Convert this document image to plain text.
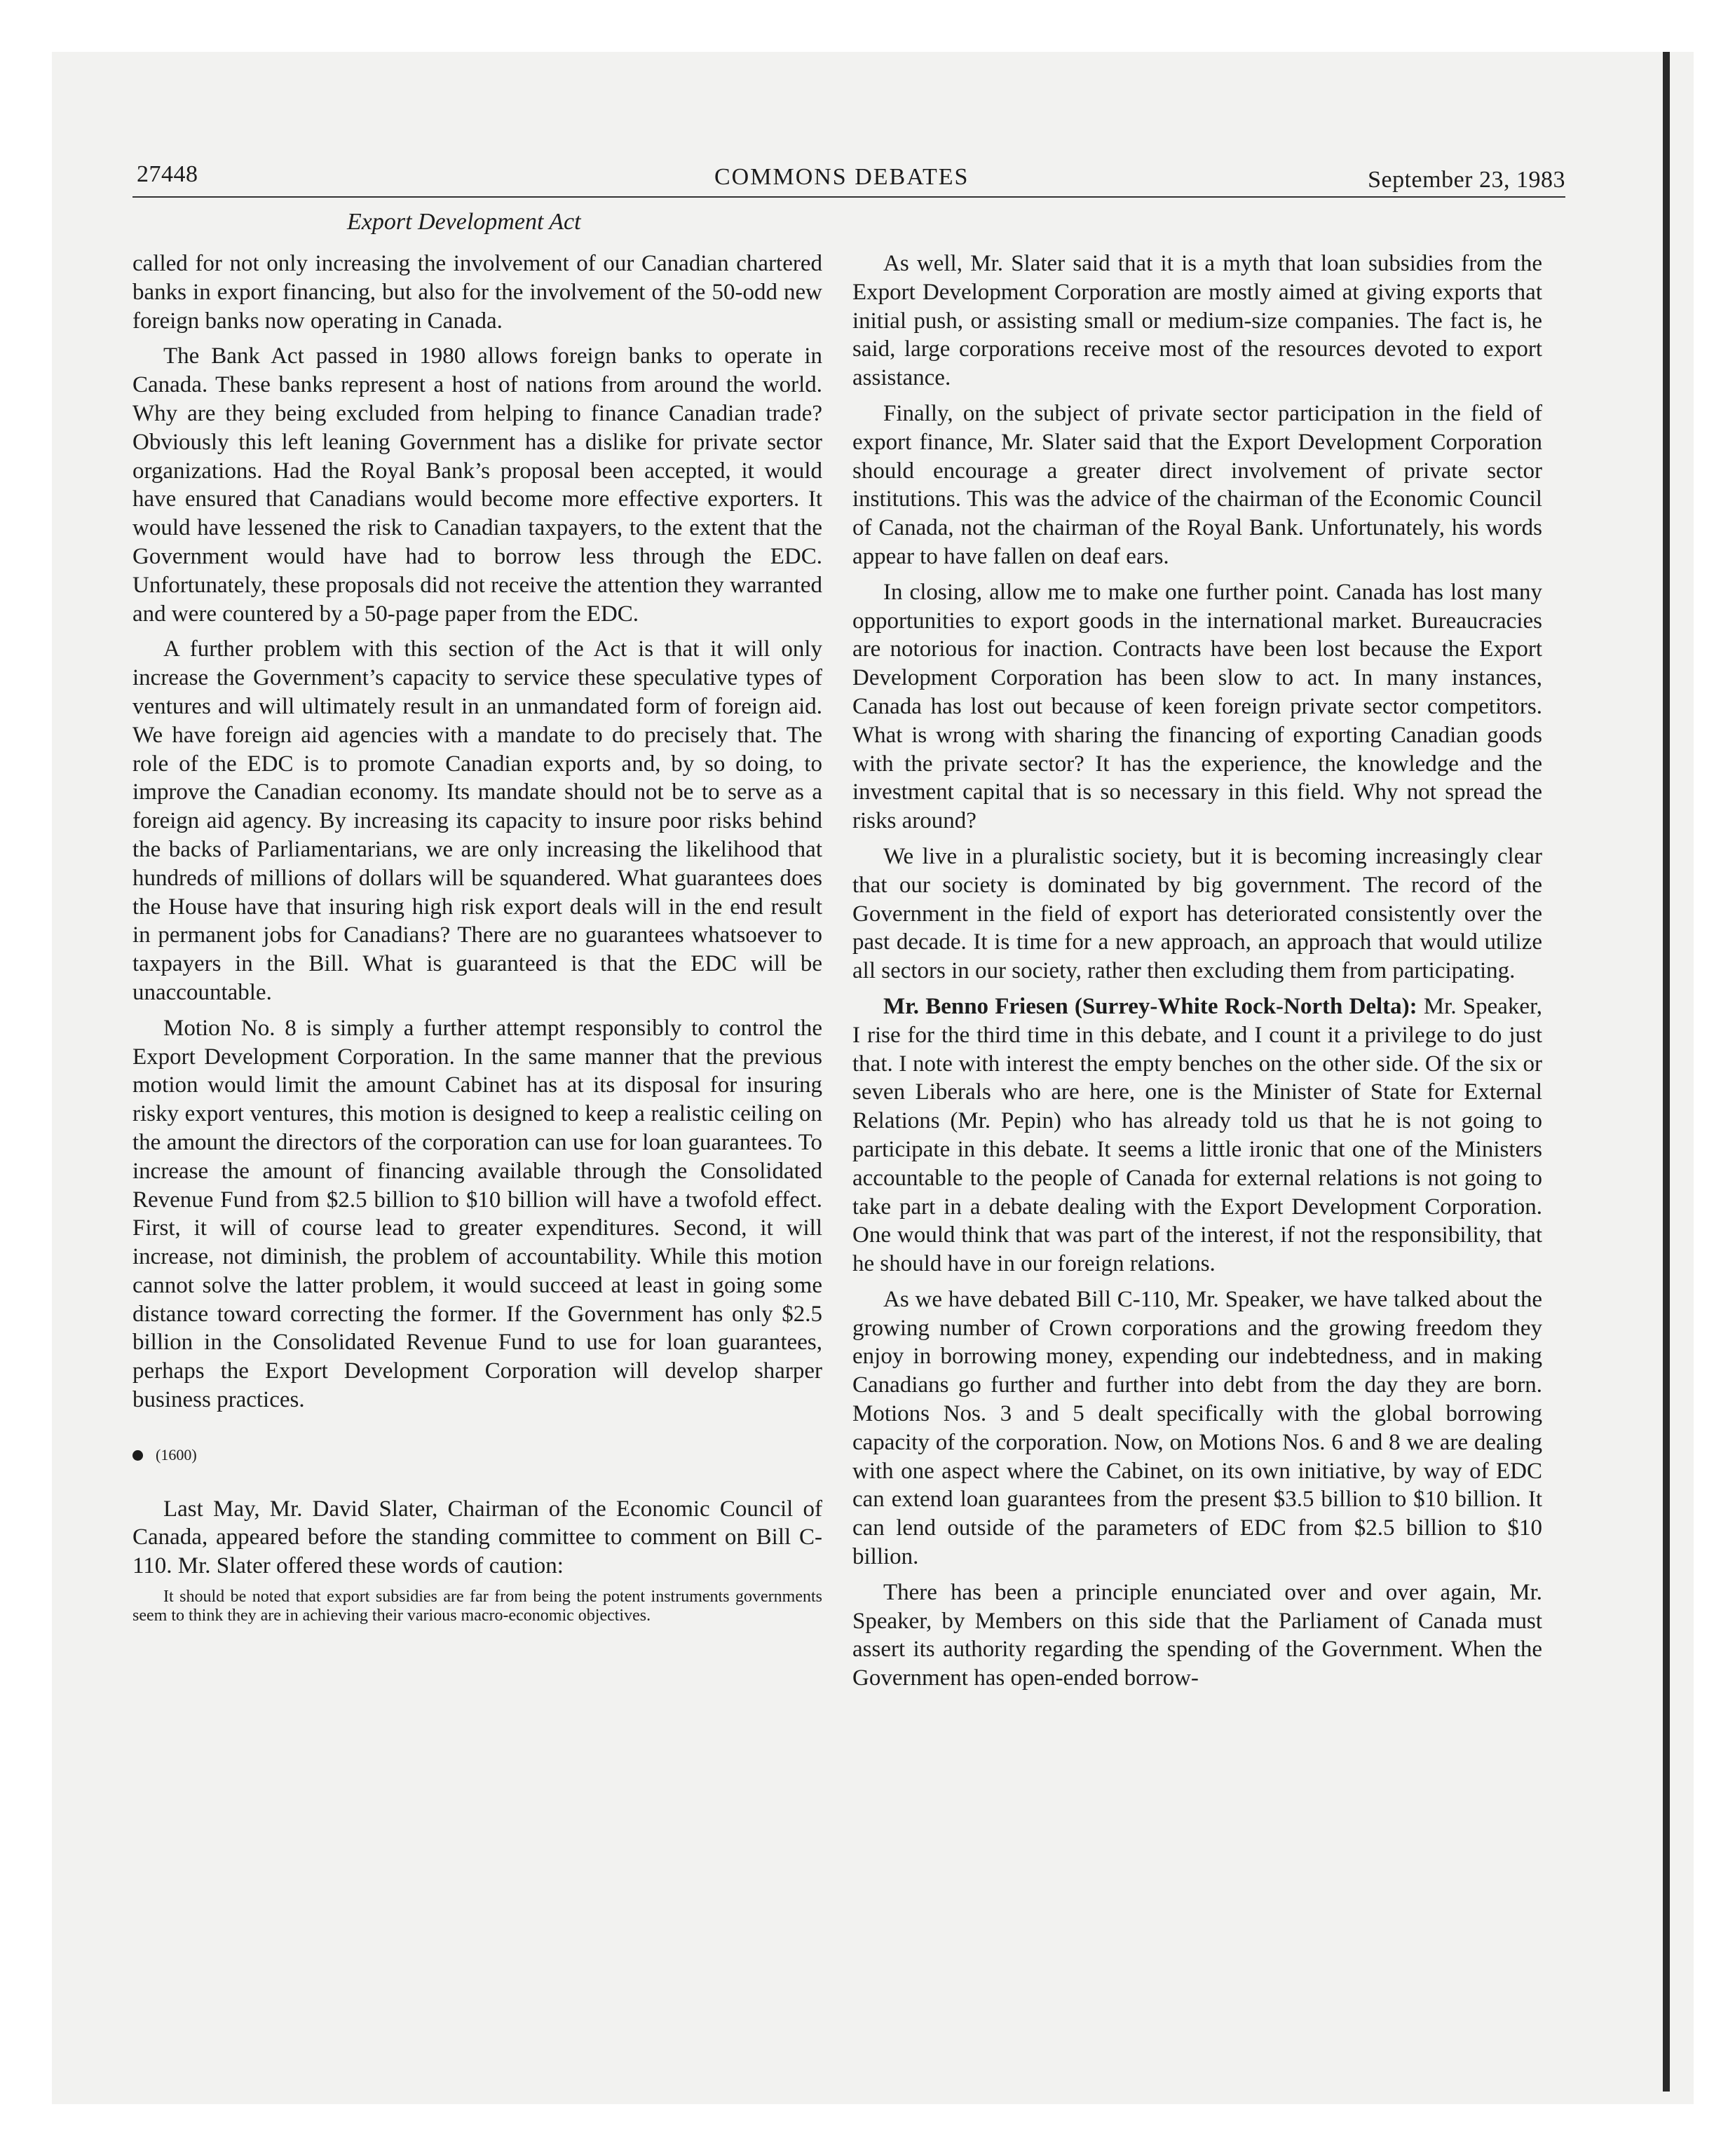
27448	COMMONS DEBATES	September 23, 1983
Export Development Act

called for not only increasing the involvement of our Canadian chartered banks in export financing, but also for the involvement of the 50-odd new foreign banks now operating in Canada.

The Bank Act passed in 1980 allows foreign banks to operate in Canada. These banks represent a host of nations from around the world. Why are they being excluded from helping to finance Canadian trade? Obviously this left leaning Government has a dislike for private sector organizations. Had the Royal Bank’s proposal been accepted, it would have ensured that Canadians would become more effective exporters. It would have lessened the risk to Canadian taxpayers, to the extent that the Government would have had to borrow less through the EDC. Unfortunately, these proposals did not receive the attention they warranted and were countered by a 50-page paper from the EDC.

A further problem with this section of the Act is that it will only increase the Government’s capacity to service these speculative types of ventures and will ultimately result in an unmandated form of foreign aid. We have foreign aid agencies with a mandate to do precisely that. The role of the EDC is to promote Canadian exports and, by so doing, to improve the Canadian economy. Its mandate should not be to serve as a foreign aid agency. By increasing its capacity to insure poor risks behind the backs of Parliamentarians, we are only increasing the likelihood that hundreds of millions of dollars will be squandered. What guarantees does the House have that insuring high risk export deals will in the end result in permanent jobs for Canadians? There are no guarantees whatsoever to taxpayers in the Bill. What is guaranteed is that the EDC will be unaccountable.

Motion No. 8 is simply a further attempt responsibly to control the Export Development Corporation. In the same manner that the previous motion would limit the amount Cabinet has at its disposal for insuring risky export ventures, this motion is designed to keep a realistic ceiling on the amount the directors of the corporation can use for loan guarantees. To increase the amount of financing available through the Consolidated Revenue Fund from $2.5 billion to $10 billion will have a twofold effect. First, it will of course lead to greater expenditures. Second, it will increase, not diminish, the problem of accountability. While this motion cannot solve the latter problem, it would succeed at least in going some distance toward correcting the former. If the Government has only $2.5 billion in the Consolidated Revenue Fund to use for loan guarantees, perhaps the Export Development Corporation will develop sharper business practices.

(1600)

Last May, Mr. David Slater, Chairman of the Economic Council of Canada, appeared before the standing committee to comment on Bill C-110. Mr. Slater offered these words of caution:

It should be noted that export subsidies are far from being the potent instruments governments seem to think they are in achieving their various macro-economic objectives.

As well, Mr. Slater said that it is a myth that loan subsidies from the Export Development Corporation are mostly aimed at giving exports that initial push, or assisting small or medium-size companies. The fact is, he said, large corporations receive most of the resources devoted to export assistance.

Finally, on the subject of private sector participation in the field of export finance, Mr. Slater said that the Export Development Corporation should encourage a greater direct involvement of private sector institutions. This was the advice of the chairman of the Economic Council of Canada, not the chairman of the Royal Bank. Unfortunately, his words appear to have fallen on deaf ears.

In closing, allow me to make one further point. Canada has lost many opportunities to export goods in the international market. Bureaucracies are notorious for inaction. Contracts have been lost because the Export Development Corporation has been slow to act. In many instances, Canada has lost out because of keen foreign private sector competitors. What is wrong with sharing the financing of exporting Canadian goods with the private sector? It has the experience, the knowledge and the investment capital that is so necessary in this field. Why not spread the risks around?

We live in a pluralistic society, but it is becoming increasingly clear that our society is dominated by big government. The record of the Government in the field of export has deteriorated consistently over the past decade. It is time for a new approach, an approach that would utilize all sectors in our society, rather then excluding them from participating.

Mr. Benno Friesen (Surrey-White Rock-North Delta): Mr. Speaker, I rise for the third time in this debate, and I count it a privilege to do just that. I note with interest the empty benches on the other side. Of the six or seven Liberals who are here, one is the Minister of State for External Relations (Mr. Pepin) who has already told us that he is not going to participate in this debate. It seems a little ironic that one of the Ministers accountable to the people of Canada for external relations is not going to take part in a debate dealing with the Export Development Corporation. One would think that was part of the interest, if not the responsibility, that he should have in our foreign relations.

As we have debated Bill C-110, Mr. Speaker, we have talked about the growing number of Crown corporations and the growing freedom they enjoy in borrowing money, expending our indebtedness, and in making Canadians go further and further into debt from the day they are born. Motions Nos. 3 and 5 dealt specifically with the global borrowing capacity of the corporation. Now, on Motions Nos. 6 and 8 we are dealing with one aspect where the Cabinet, on its own initiative, by way of EDC can extend loan guarantees from the present $3.5 billion to $10 billion. It can lend outside of the parameters of EDC from $2.5 billion to $10 billion.

There has been a principle enunciated over and over again, Mr. Speaker, by Members on this side that the Parliament of Canada must assert its authority regarding the spending of the Government. When the Government has open-ended borrow-
